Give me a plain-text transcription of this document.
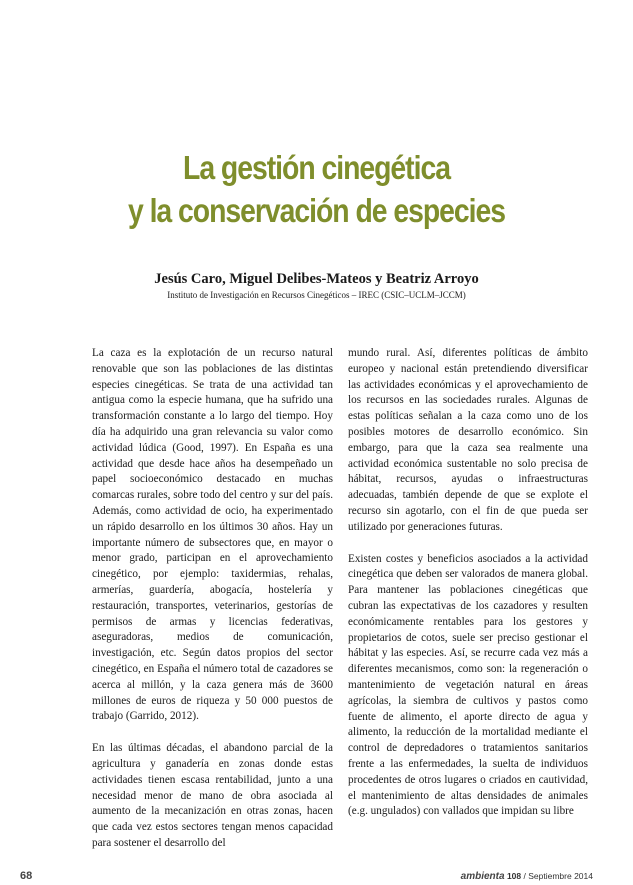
La gestión cinegética
y la conservación de especies

Jesús Caro, Miguel Delibes-Mateos y Beatriz Arroyo

Instituto de Investigación en Recursos Cinegéticos – IREC (CSIC–UCLM–JCCM)

La caza es la explotación de un recurso natural renovable que son las poblaciones de las distintas especies cinegéticas. Se trata de una actividad tan antigua como la especie humana, que ha sufrido una transformación constante a lo largo del tiempo. Hoy día ha adquirido una gran relevancia su valor como actividad lúdica (Good, 1997). En España es una actividad que desde hace años ha desempeñado un papel socioeconómico destacado en muchas comarcas rurales, sobre todo del centro y sur del país. Además, como actividad de ocio, ha experimentado un rápido desarrollo en los últimos 30 años. Hay un importante número de subsectores que, en mayor o menor grado, participan en el aprovechamiento cinegético, por ejemplo: taxidermias, rehalas, armerías, guardería, abogacía, hostelería y restauración, transportes, veterinarios, gestorías de permisos de armas y licencias federativas, aseguradoras, medios de comunicación, investigación, etc. Según datos propios del sector cinegético, en España el número total de cazadores se acerca al millón, y la caza genera más de 3600 millones de euros de riqueza y 50 000 puestos de trabajo (Garrido, 2012).

En las últimas décadas, el abandono parcial de la agricultura y ganadería en zonas donde estas actividades tienen escasa rentabilidad, junto a una necesidad menor de mano de obra asociada al aumento de la mecanización en otras zonas, hacen que cada vez estos sectores tengan menos capacidad para sostener el desarrollo del

mundo rural. Así, diferentes políticas de ámbito europeo y nacional están pretendiendo diversificar las actividades económicas y el aprovechamiento de los recursos en las sociedades rurales. Algunas de estas políticas señalan a la caza como uno de los posibles motores de desarrollo económico. Sin embargo, para que la caza sea realmente una actividad económica sustentable no solo precisa de hábitat, recursos, ayudas o infraestructuras adecuadas, también depende de que se explote el recurso sin agotarlo, con el fin de que pueda ser utilizado por generaciones futuras.

Existen costes y beneficios asociados a la actividad cinegética que deben ser valorados de manera global. Para mantener las poblaciones cinegéticas que cubran las expectativas de los cazadores y resulten económicamente rentables para los gestores y propietarios de cotos, suele ser preciso gestionar el hábitat y las especies. Así, se recurre cada vez más a diferentes mecanismos, como son: la regeneración o mantenimiento de vegetación natural en áreas agrícolas, la siembra de cultivos y pastos como fuente de alimento, el aporte directo de agua y alimento, la reducción de la mortalidad mediante el control de depredadores o tratamientos sanitarios frente a las enfermedades, la suelta de individuos procedentes de otros lugares o criados en cautividad, el mantenimiento de altas densidades de animales (e.g. ungulados) con vallados que impidan su libre

68	ambienta 108 / Septiembre 2014
